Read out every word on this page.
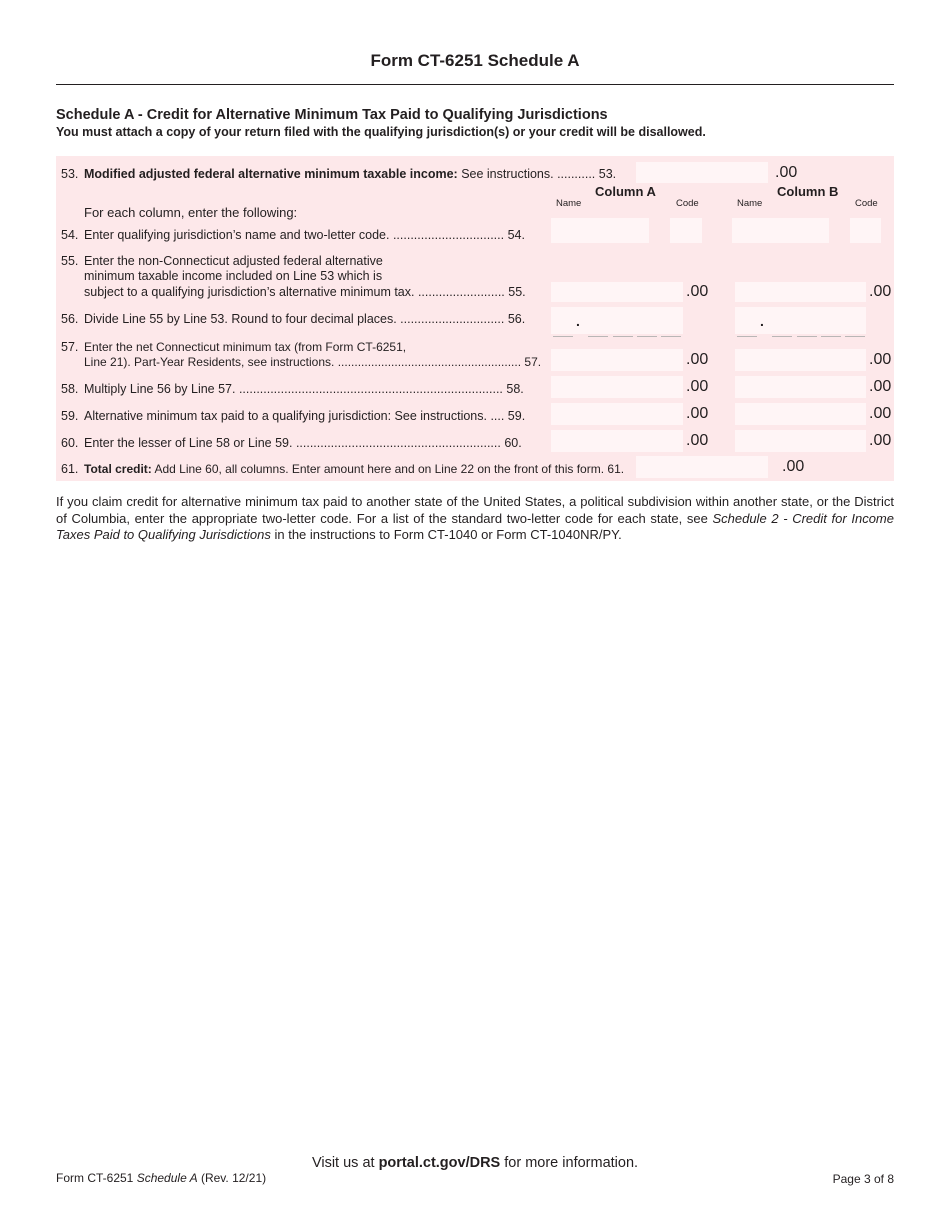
Form CT-6251 Schedule A
Schedule A - Credit for Alternative Minimum Tax Paid to Qualifying Jurisdictions
You must attach a copy of your return filed with the qualifying jurisdiction(s) or your credit will be disallowed.
53. Modified adjusted federal alternative minimum taxable income: See instructions. ........... 53.	.00
Column A	Column B
Name	Code	Name	Code
For each column, enter the following:
54. Enter qualifying jurisdiction’s name and two-letter code. ................................ 54.
55. Enter the non-Connecticut adjusted federal alternative
minimum taxable income included on Line 53 which is
subject to a qualifying jurisdiction’s alternative minimum tax. ......................... 55.	.00	.00
56. Divide Line 55 by Line 53. Round to four decimal places. .............................. 56.	.	.
57. Enter the net Connecticut minimum tax (from Form CT-6251,
Line 21). Part-Year Residents, see instructions. ....................................................... 57.	.00	.00
58. Multiply Line 56 by Line 57. ............................................................................ 58.	.00	.00
59. Alternative minimum tax paid to a qualifying jurisdiction: See instructions. .... 59.	.00	.00
60. Enter the lesser of Line 58 or Line 59. ........................................................... 60.	.00	.00
61. Total credit: Add Line 60, all columns. Enter amount here and on Line 22 on the front of this form. 61.	.00
If you claim credit for alternative minimum tax paid to another state of the United States, a political subdivision within another state, or the District of Columbia, enter the appropriate two-letter code. For a list of the standard two-letter code for each state, see Schedule 2 - Credit for Income Taxes Paid to Qualifying Jurisdictions in the instructions to Form CT-1040 or Form CT-1040NR/PY.
Visit us at portal.ct.gov/DRS for more information.
Form CT-6251 Schedule A (Rev. 12/21)	Page 3 of 8
